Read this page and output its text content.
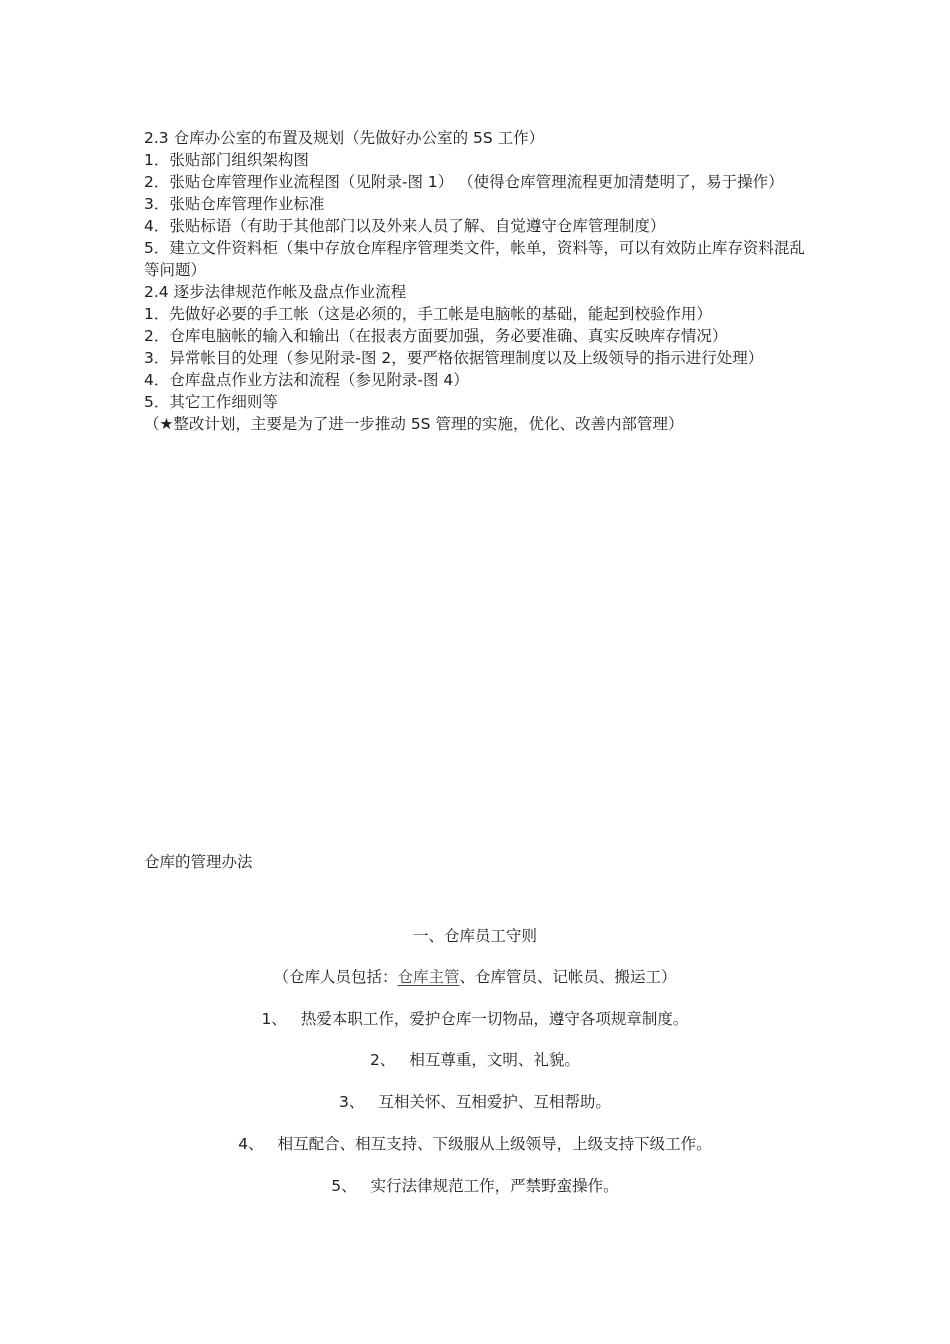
2.3 仓库办公室的布置及规划（先做好办公室的 5S 工作）

1．张贴部门组织架构图

2．张贴仓库管理作业流程图（见附录-图 1） （使得仓库管理流程更加清楚明了，易于操作）

3．张贴仓库管理作业标准

4．张贴标语（有助于其他部门以及外来人员了解、自觉遵守仓库管理制度）

5．建立文件资料柜（集中存放仓库程序管理类文件，帐单，资料等，可以有效防止库存资料混乱等问题）

2.4 逐步法律规范作帐及盘点作业流程

1．先做好必要的手工帐（这是必须的，手工帐是电脑帐的基础，能起到校验作用）

2．仓库电脑帐的输入和输出（在报表方面要加强，务必要准确、真实反映库存情况）

3．异常帐目的处理（参见附录-图 2，要严格依据管理制度以及上级领导的指示进行处理）

4．仓库盘点作业方法和流程（参见附录-图 4）

5．其它工作细则等

（★整改计划，主要是为了进一步推动 5S 管理的实施，优化、改善内部管理）

仓库的管理办法
一、仓库员工守则
（仓库人员包括：仓库主管、仓库管员、记帐员、搬运工）
1、 热爱本职工作，爱护仓库一切物品，遵守各项规章制度。
2、 相互尊重，文明、礼貌。
3、 互相关怀、互相爱护、互相帮助。
4、 相互配合、相互支持、下级服从上级领导，上级支持下级工作。
5、 实行法律规范工作，严禁野蛮操作。
